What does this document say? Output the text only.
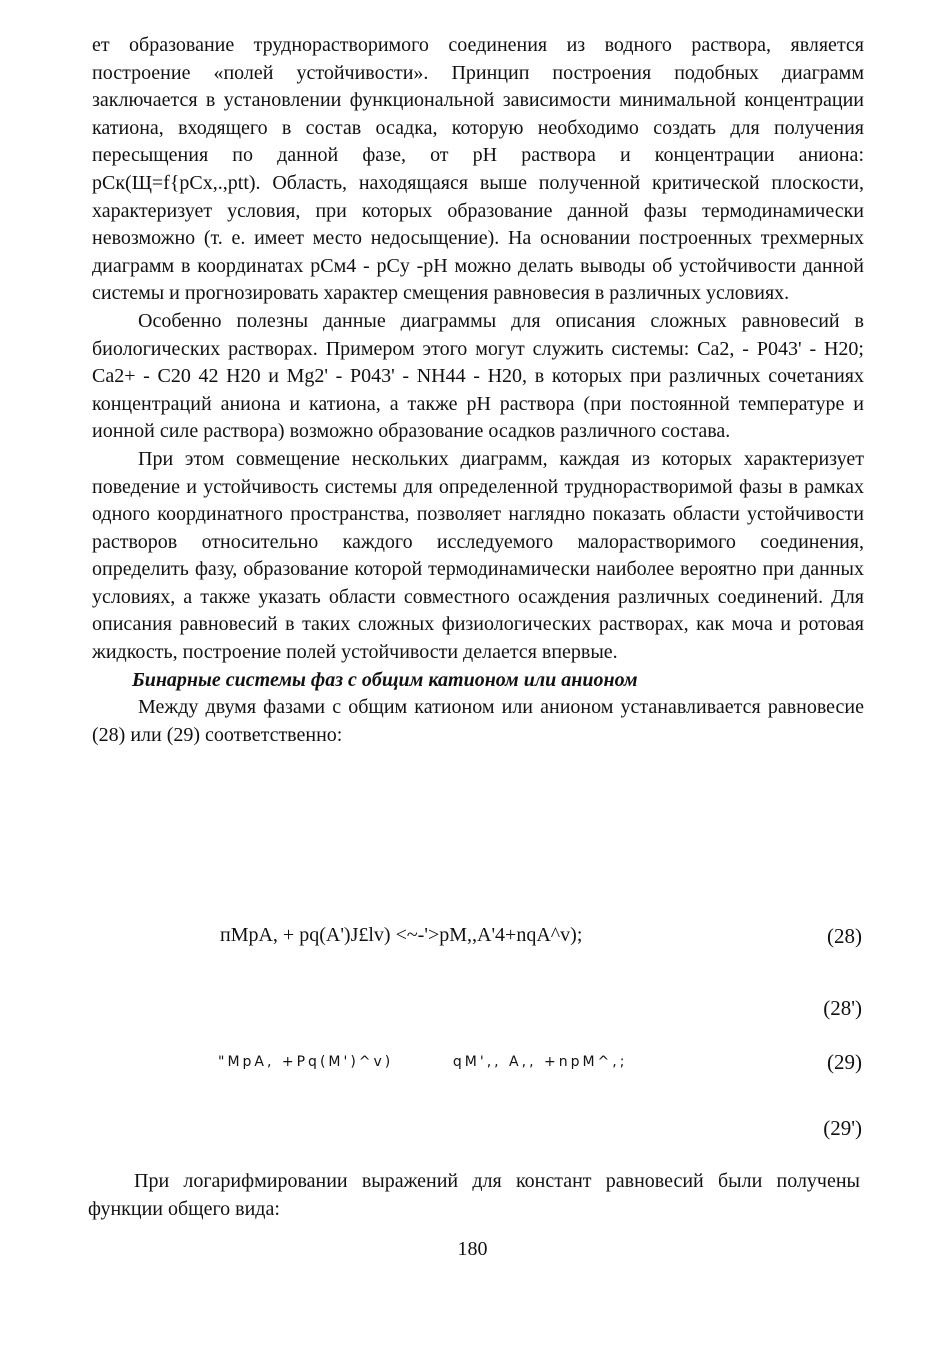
ет образование труднорастворимого соединения из водного раствора, является построение «полей устойчивости». Принцип построения подобных диаграмм заключается в установлении функциональной зависимости минимальной концентрации катиона, входящего в состав осадка, которую необходимо создать для получения пересыщения по данной фазе, от рН раствора и концентрации аниона: pCк(Щ=f{pCx,.,ptt). Область, находящаяся выше полученной критической плоскости, характеризует условия, при которых образование данной фазы термодинамически невозможно (т. е. имеет место недосыщение). На основании построенных трехмерных диаграмм в координатах pCм4 - pCy -pH можно делать выводы об устойчивости данной системы и прогнозировать характер смещения равновесия в различных условиях.

Особенно полезны данные диаграммы для описания сложных равновесий в биологических растворах. Примером этого могут служить системы: Ca2, - P043' - H20; Ca2+ - C20 42 H20 и Mg2' - P043' - NH44 - H20, в которых при различных сочетаниях концентраций аниона и катиона, а также рН раствора (при постоянной температуре и ионной силе раствора) возможно образование осадков различного состава.

При этом совмещение нескольких диаграмм, каждая из которых характеризует поведение и устойчивость системы для определенной труднорастворимой фазы в рамках одного координатного пространства, позволяет наглядно показать области устойчивости растворов относительно каждого исследуемого малорастворимого соединения, определить фазу, образование которой термодинамически наиболее вероятно при данных условиях, а также указать области совместного осаждения различных соединений. Для описания равновесий в таких сложных физиологических растворах, как моча и ротовая жидкость, построение полей устойчивости делается впервые.

Бинарные системы фаз с общим катионом или анионом

Между двумя фазами с общим катионом или анионом устанавливается равновесие (28) или (29) соответственно:

пМрА, + pq(A')J£lv) <~-'>pM,,A'4+nqA^v);	(28)
(28')
"MpA, +Pq(M')^v)        qM',, A,, +npM^,;	(29)
(29')

При логарифмировании выражений для констант равновесий были получены функции общего вида:

180
